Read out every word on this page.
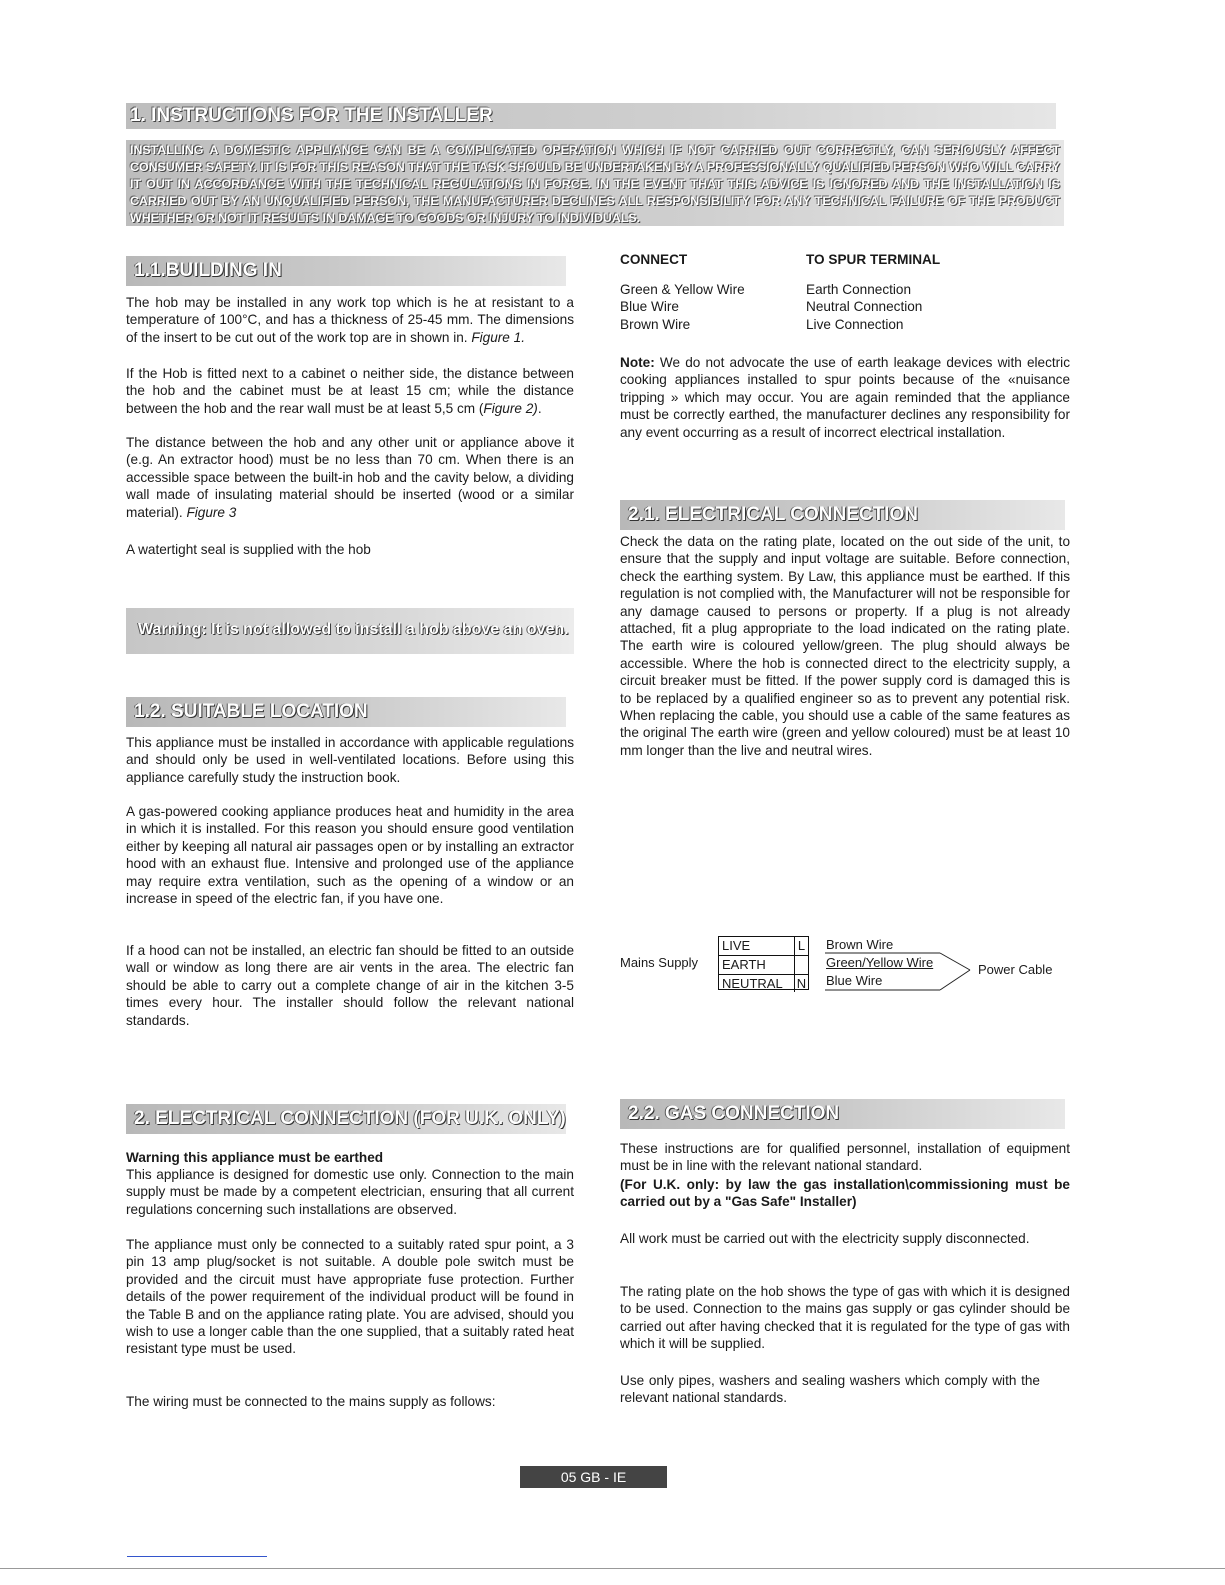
1. INSTRUCTIONS FOR THE INSTALLER
INSTALLING A DOMESTIC APPLIANCE CAN BE A COMPLICATED OPERATION WHICH IF NOT CARRIED OUT CORRECTLY, CAN SERIOUSLY AFFECT CONSUMER SAFETY. IT IS FOR THIS REASON THAT THE TASK SHOULD BE UNDERTAKEN BY A PROFESSIONALLY QUALIFIED PERSON WHO WILL CARRY IT OUT IN ACCORDANCE WITH THE TECHNICAL REGULATIONS IN FORCE. IN THE EVENT THAT THIS ADVICE IS IGNORED AND THE INSTALLATION IS CARRIED OUT BY AN UNQUALIFIED PERSON, THE MANUFACTURER DECLINES ALL RESPONSIBILITY FOR ANY TECHNICAL FAILURE OF THE PRODUCT WHETHER OR NOT IT RESULTS IN DAMAGE TO GOODS OR INJURY TO INDIVIDUALS.
1.1.BUILDING IN

The hob may be installed in any work top which is he at resistant to a temperature of 100°C, and has a thickness of 25-45 mm. The dimensions of the insert to be cut out of the work top are in shown in. Figure 1.

If the Hob is fitted next to a cabinet o neither side, the distance between the hob and the cabinet must be at least 15 cm; while the distance between the hob and the rear wall must be at least 5,5 cm (Figure 2).

The distance between the hob and any other unit or appliance above it (e.g. An extractor hood) must be no less than 70 cm. When there is an accessible space between the built-in hob and the cavity below, a dividing wall made of insulating material should be inserted (wood or a similar material). Figure 3

A watertight seal is supplied with the hob

Warning: It is not allowed to install a hob above an oven.
1.2. SUITABLE LOCATION

This appliance must be installed in accordance with applicable regulations and should only be used in well-ventilated locations. Before using this appliance carefully study the instruction book.

A gas-powered cooking appliance produces heat and humidity in the area in which it is installed. For this reason you should ensure good ventilation either by keeping all natural air passages open or by installing an extractor hood with an exhaust flue. Intensive and prolonged use of the appliance may require extra ventilation, such as the opening of a window or an increase in speed of the electric fan, if you have one.

If a hood can not be installed, an electric fan should be fitted to an outside wall or window as long there are air vents in the area. The electric fan should be able to carry out a complete change of air in the kitchen 3-5 times every hour. The installer should follow the relevant national standards.

2. ELECTRICAL CONNECTION (FOR U.K. ONLY)

Warning this appliance must be earthed

This appliance is designed for domestic use only. Connection to the main supply must be made by a competent electrician, ensuring that all current regulations concerning such installations are observed.

The appliance must only be connected to a suitably rated spur point, a 3 pin 13 amp plug/socket is not suitable. A double pole switch must be provided and the circuit must have appropriate fuse protection. Further details of the power requirement of the individual product will be found in the Table B and on the appliance rating plate. You are advised, should you wish to use a longer cable than the one supplied, that a suitably rated heat resistant type must be used.

The wiring must be connected to the mains supply as follows:

CONNECT	TO SPUR TERMINAL
Green & Yellow Wire	Earth Connection
Blue Wire	Neutral Connection
Brown Wire	Live Connection

Note: We do not advocate the use of earth leakage devices with electric cooking appliances installed to spur points because of the «nuisance tripping » which may occur. You are again reminded that the appliance must be correctly earthed, the manufacturer declines any responsibility for any event occurring as a result of incorrect electrical installation.

2.1. ELECTRICAL CONNECTION

Check the data on the rating plate, located on the out side of the unit, to ensure that the supply and input voltage are suitable. Before connection, check the earthing system. By Law, this appliance must be earthed. If this regulation is not complied with, the Manufacturer will not be responsible for any damage caused to persons or property. If a plug is not already attached, fit a plug appropriate to the load indicated on the rating plate. The earth wire is coloured yellow/green. The plug should always be accessible. Where the hob is connected direct to the electricity supply, a circuit breaker must be fitted. If the power supply cord is damaged this is to be replaced by a qualified engineer so as to prevent any potential risk. When replacing the cable, you should use a cable of the same features as the original The earth wire (green and yellow coloured) must be at least 10 mm longer than the live and neutral wires.

Mains Supply
LIVE	L
EARTH
NEUTRAL	N
Brown Wire
Green/Yellow Wire
Blue Wire
Power Cable
2.2. GAS CONNECTION

These instructions are for qualified personnel, installation of equipment must be in line with the relevant national standard.

(For U.K. only: by law the gas installation\commissioning must be carried out by a "Gas Safe" Installer)

All work must be carried out with the electricity supply disconnected.

The rating plate on the hob shows the type of gas with which it is designed to be used. Connection to the mains gas supply or gas cylinder should be carried out after having checked that it is regulated for the type of gas with which it will be supplied.

Use only pipes, washers and sealing washers which comply with the relevant national standards.

05 GB - IE
